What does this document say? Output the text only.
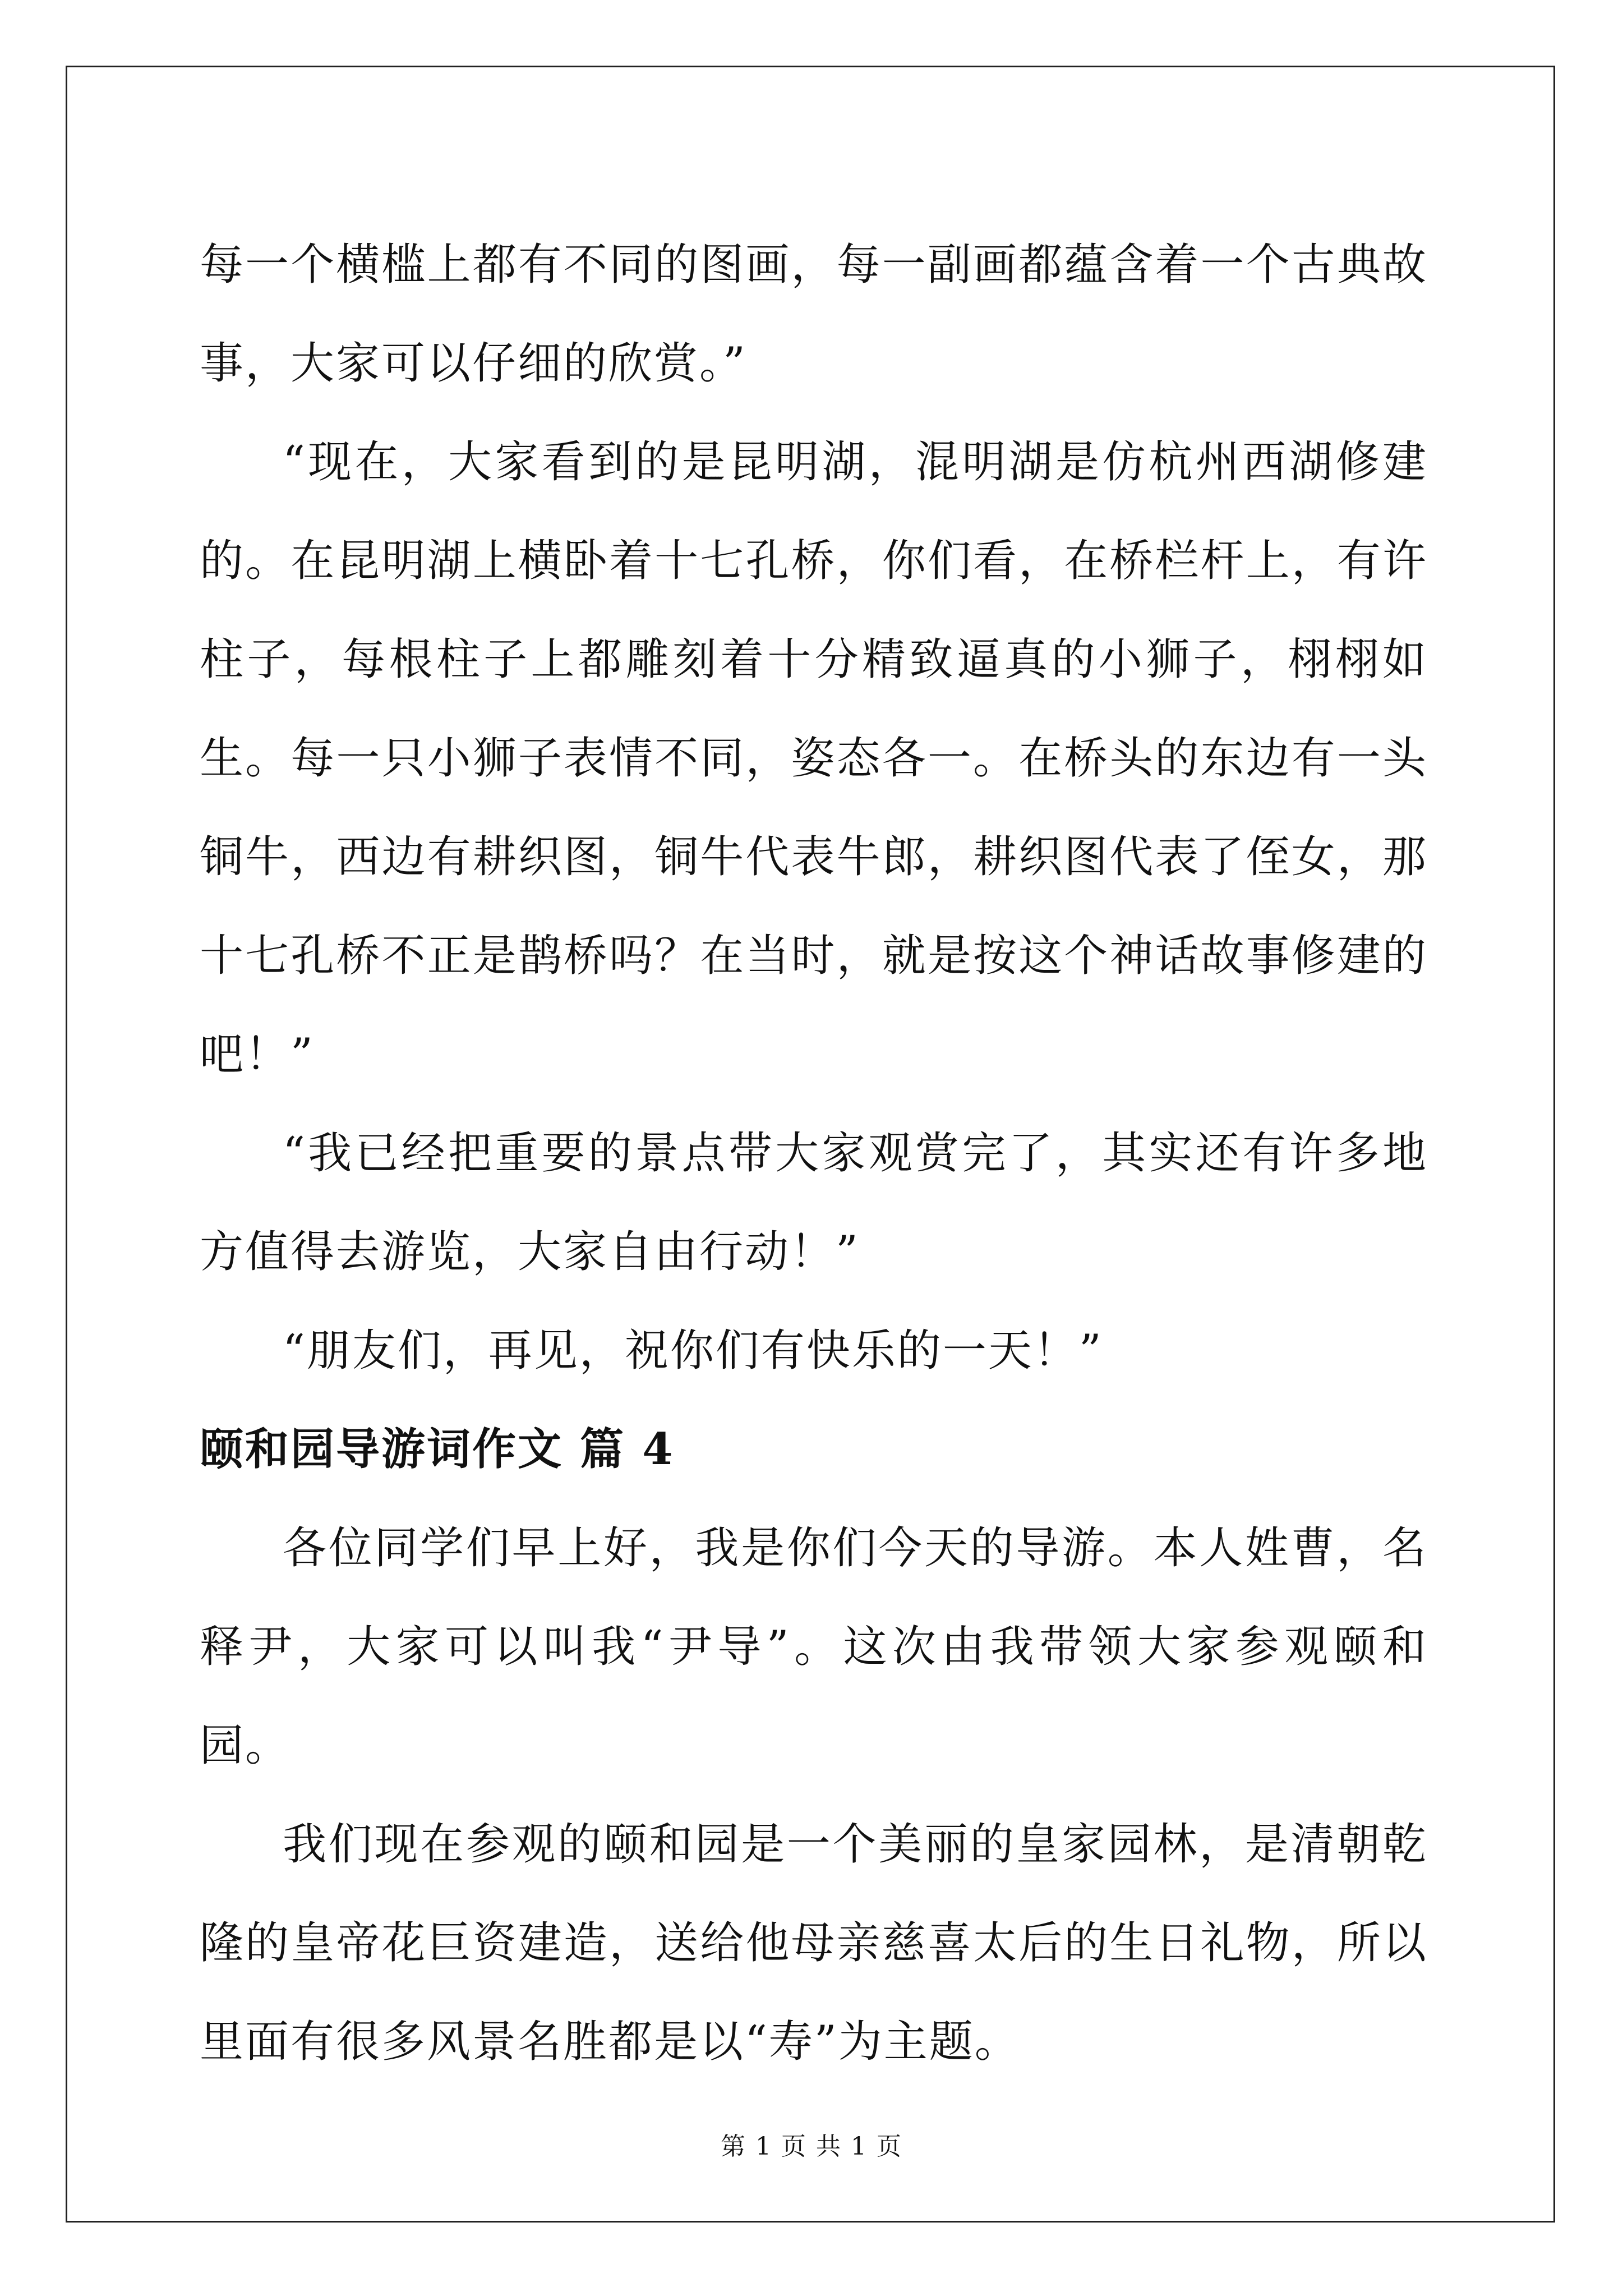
每一个横槛上都有不同的图画，每一副画都蕴含着一个古典故事，大家可以仔细的欣赏。”

“现在，大家看到的是昆明湖，混明湖是仿杭州西湖修建的。在昆明湖上横卧着十七孔桥，你们看，在桥栏杆上，有许柱子，每根柱子上都雕刻着十分精致逼真的小狮子，栩栩如生。每一只小狮子表情不同，姿态各一。在桥头的东边有一头铜牛，西边有耕织图，铜牛代表牛郎，耕织图代表了侄女，那十七孔桥不正是鹊桥吗？在当时，就是按这个神话故事修建的吧！”

“我已经把重要的景点带大家观赏完了，其实还有许多地方值得去游览，大家自由行动！”

“朋友们，再见，祝你们有快乐的一天！”

颐和园导游词作文 篇 4

各位同学们早上好，我是你们今天的导游。本人姓曹，名释尹，大家可以叫我“尹导”。这次由我带领大家参观颐和园。

我们现在参观的颐和园是一个美丽的皇家园林，是清朝乾隆的皇帝花巨资建造，送给他母亲慈喜太后的生日礼物，所以里面有很多风景名胜都是以“寿”为主题。

第 1 页 共 1 页
